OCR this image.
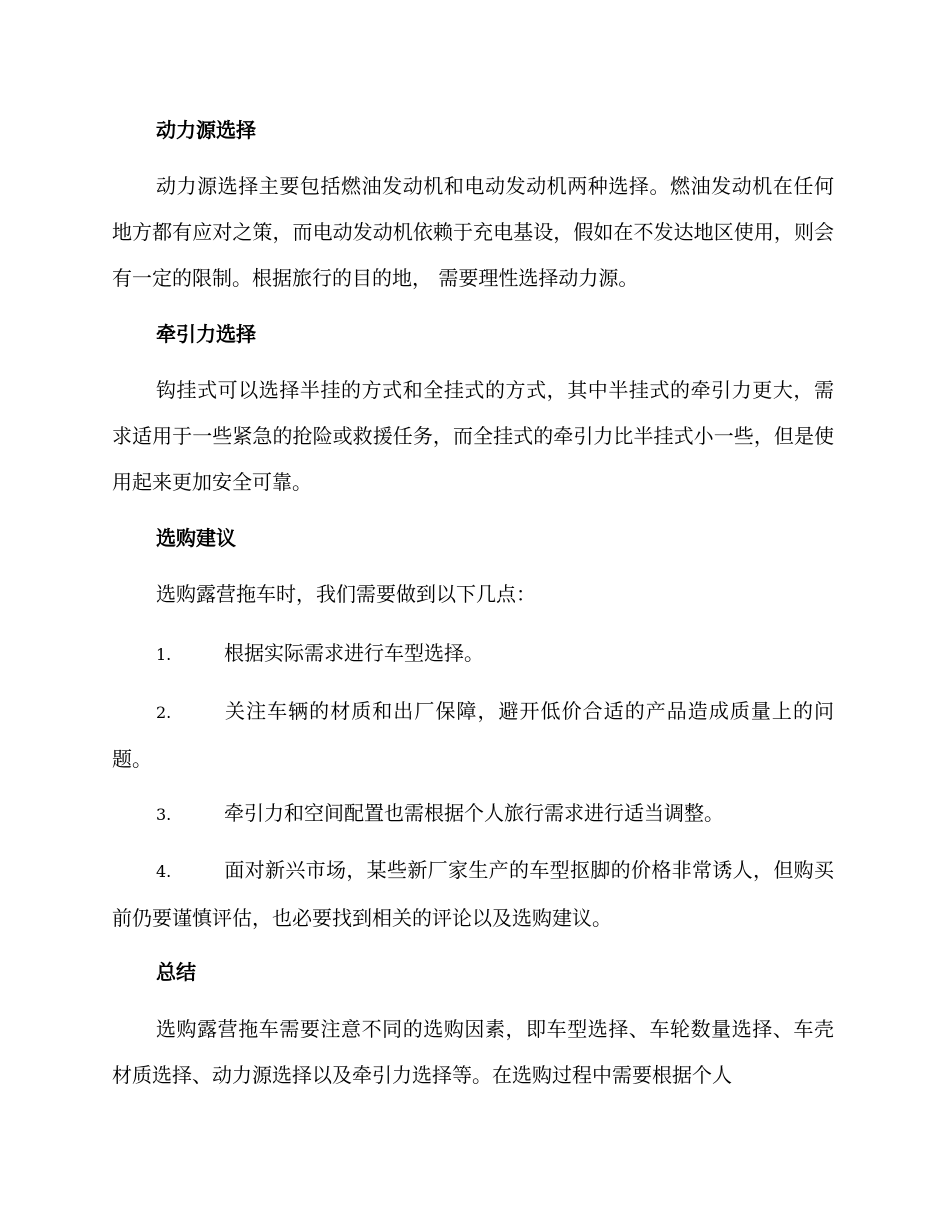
动力源选择
动力源选择主要包括燃油发动机和电动发动机两种选择。燃油发动机在任何地方都有应对之策，而电动发动机依赖于充电基设，假如在不发达地区使用，则会有一定的限制。根据旅行的目的地， 需要理性选择动力源。
牵引力选择
钩挂式可以选择半挂的方式和全挂式的方式，其中半挂式的牵引力更大，需求适用于一些紧急的抢险或救援任务，而全挂式的牵引力比半挂式小一些，但是使用起来更加安全可靠。
选购建议
选购露营拖车时，我们需要做到以下几点：
1.	根据实际需求进行车型选择。
2.	关注车辆的材质和出厂保障，避开低价合适的产品造成质量上的问题。
3.	牵引力和空间配置也需根据个人旅行需求进行适当调整。
4.	面对新兴市场，某些新厂家生产的车型抠脚的价格非常诱人，但购买前仍要谨慎评估，也必要找到相关的评论以及选购建议。
总结
选购露营拖车需要注意不同的选购因素，即车型选择、车轮数量选择、车壳材质选择、动力源选择以及牵引力选择等。在选购过程中需要根据个人
